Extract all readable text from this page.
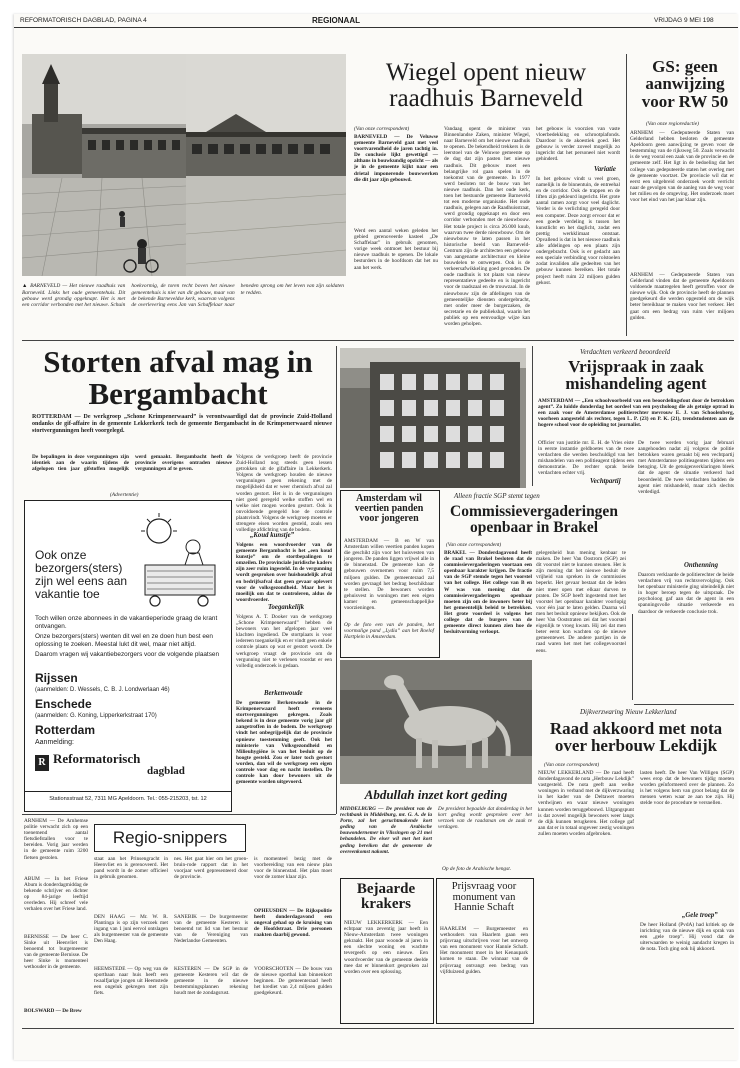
REFORMATORISCH DAGBLAD, PAGINA 4	REGIONAAL	VRIJDAG 9 MEI 198

▲ BARNEVELD — Het nieuwe raadhuis van Barneveld. Links het oude gemeentehuis. Dit gebouw werd grondig opgeknapt. Het is met een corridor verbonden met het nieuwe. Schuin hoekvormig, de toren recht boven het nieuwe gemeentehuis is niet van dit gebouw, maar van de bekende Barneveldse kerk, waarvan volgens de overlevering eens Jan van Schaffelaar naar beneden sprong om het leven van zijn soldaten te redden.

Wiegel opent nieuw raadhuis Barneveld
(Van onze correspondent)

BARNEVELD — De Veluwse gemeente Barneveld gaat met veel voortvarendheid de jaren tachtig in. De conclusie lijkt gewettigd — althans in bouwkundig opzicht — als je in de gemeente kijkt naar een drietal imponerende bouwwerken die dit jaar zijn gebouwd.

Werd een aantal weken geleden het gebied gerenoveerde kasteel „De Schaffelaar” in gebruik genomen, vorige week ontmoet het bestuur bij nieuwe raadhuis te openen. De lokale besturders in de hoofdsom dat het nu aan het werk.

Vandaag opent de minister van Binnenlandse Zaken, minister Wiegel, naar Barneveld om het nieuwe raadhuis te openen. De bekendheid trekkers is de leerstoel van de Veluwse gemeente op de dag dat zijn pasten het nieuwe raadhuis. Dit gebouw moet een belangrijke rol gaan spelen in de toekomst van de gemeente. In 1977 werd besloten tot de bouw van het nieuwe raadhuis. Dan het oude kerk, toen het bestuurde gemeente Barneveld tot een moderne organisatie. Het oude raadhuis, gelegen aan de Raadhuisstraat, werd grondig opgeknapt en door een corridor verbonden met de nieuwbouw. Het totale project is circa 26.000 kuub, waarvan twee derde nieuwbouw. Om de nieuwbouw te laten passen in het historische beeld van Barneveld-Centrum zijn de architecten een gebouw van aangename architectuur en kleine bouwdelen te ontwerpen. Ook is de verkeersafwikkeling goed gevonden. De oude raadhuis is tot plaats van nieuw representatieve gedeelte en is ingericht voor de raadszaal en de trouwzaal. In de nieuwbouw zijn de afdelingen van de gemeentelijke diensten ondergebracht, met onder meer de burgerzaken, de secretarie en de publiekshal, waarin het publiek op een eenvoudige wijze kan worden geholpen.

het gebouw is voorzien van vaste vloerbedekking en schrootplafonds. Daardoor is de akoestiek goed. Het gebouw is verder zoveel mogelijk zo ingericht dat het personeel niet wordt gehinderd.

Variatie

In het gebouw vindt u veel groen, namelijk in de binnentuin, de entreehal en de corridor. Ook de trappen en de liften zijn gekleurd ingericht. Het grote aantal ramen zorgt voor veel daglicht. Verder is de verlichting geregeld door een computer. Deze zorgt ervoor dat er een goede verdeling is tussen het kunstlicht en het daglicht, zodat een prettig werkklimaat ontstaat. Opvallend is dat in het nieuwe raadhuis alle afdelingen op een plaats zijn ondergebracht. Ook is er gedacht aan een speciale verbinding voor rolstoelen zodat invaliden alle gedeelten van het gebouw kunnen bereiken. Het totale project heeft ruim 22 miljoen gulden gekost.

GS: geen aanwijzing voor RW 50
(Van onze regioredactie)

ARNHEM — Gedeputeerde Staten van Gelderland hebben besloten de gemeente Apeldoorn geen aanwijzing te geven voor de bestemming van de rijksweg 50. Zoals verwacht is de weg vooral een zaak van de provincie en de gemeente zelf. Het ligt in de bedoeling dat het college van gedeputeerde staten het overleg met de gemeente voortzet. De provincie wil dat er eerst een uitgebreid onderzoek wordt verricht naar de gevolgen van de aanleg van de weg voor het milieu en de omgeving. Het onderzoek moet voor het eind van het jaar klaar zijn.

ARNHEM — Gedeputeerde Staten van Gelderland vinden dat de gemeente Apeldoorn voldoende maatregelen heeft getroffen voor de nieuwe wijk. Ook de provincie heeft de plannen goedgekeurd die werden opgesteld om de wijk beter bereikbaar te maken voor het verkeer. Het gaat om een bedrag van ruim vier miljoen gulden.

Storten afval mag in Bergambacht

ROTTERDAM — De werkgroep „Schone Krimpenerwaard” is verontwaardigd dat de provincie Zuid-Holland ondanks de gif-affaire in de gemeente Lekkerkerk toch de gemeente Bergambacht in de Krimpenerwaard nieuwe stortvergunningen heeft voorgelegd.

De bepalingen in deze vergunningen zijn identiek aan de waarin tijdens de afgelopen tien jaar gifstoffen mogelijk werd gemaakt. Bergambacht heeft de provincie overigens ontraden nieuwe vergunningen af te geven.

Volgens de werkgroep heeft de provincie Zuid-Holland nog steeds geen lessen getrokken uit de gifaffaire in Lekkerkerk. Volgens de werkgroep houden de nieuwe vergunningen geen rekening met de mogelijkheid dat er weer chemisch afval zal worden gestort. Het is in de vergunningen niet goed geregeld welke stoffen wel en welke niet mogen worden gestort. Ook is onvoldoende geregeld hoe de controle plaatsvindt. Volgens de werkgroep moeten er strengere eisen worden gesteld, zoals een volledige afdichting van de bodem.

„Koud kunstje”

Volgens een woordvoerder van de gemeente Bergambacht is het „een koud kunstje” om de stortbepalingen te omzeilen. De provinciale juridische kaders zijn zeer ruim ingesteld. In de vergunning wordt gesproken over huishoudelijk afval en bedrijfsafval dat geen gevaar oplevert voor de volksgezondheid. Maar het is moeilijk om dat te controleren, aldus de woordvoerder.

Toegankelijk

Volgens A. T. Dooker van de werkgroep „Schone Krimpenerwaard” hebben de bewoners van het afgelopen jaar veel klachten ingediend. De stortplaats is voor iedereen toegankelijk en er vindt geen enkele controle plaats op wat er gestort wordt. De werkgroep vraagt de provincie om de vergunning niet te verlenen voordat er een volledig onderzoek is gedaan.

Berkenwoude

De gemeente Berkenwoude in de Krimpenerwaard heeft eveneens stortvergunningen gekregen. Zoals bekend is in deze gemeente vorig jaar gif aangetroffen in de bodem. De werkgroep vindt het onbegrijpelijk dat de provincie opnieuw toestemming geeft. Ook het ministerie van Volksgezondheid en Milieuhygiëne is van het besluit op de hoogte gesteld. Zou er later toch gestort worden, dan wil de werkgroep een eigen controle voor dag en nacht instellen. De controle kan door bewoners uit de gemeente worden uitgevoerd.

(Advertentie)
Ook onze
bezorgers(sters)
zijn wel eens aan
vakantie toe

Toch willen onze abonnees in de vakantieperiode graag de krant ontvangen.

Onze bezorgers(sters) wenten dit wel en ze doen hun best een oplossing te zoeken. Meestal lukt dit wel, maar niet altijd.

Daarom vragen wij vakantiebezorgers voor de volgende plaatsen

Rijssen
(aanmelden: D. Wessels, C. B. J. Londwerlaan 46)
Enschede
(aanmelden: G. Koning, Lipperkerkstraat 170)
Rotterdam
Aanmelding:
R Reformatorisch
dagblad
Stationsstraat 52, 7311 MG Apeldoorn. Tel.: 055-215203, tst. 12
Amsterdam wil veertien panden voor jongeren

AMSTERDAM — B en W van Amsterdam willen veertien panden kopen die geschikt zijn voor het huisvesten van jongeren. De panden liggen vrijwel alle in de binnenstad. De gemeente kan de gebouwen overnemen voor ruim 7,5 miljoen gulden. De gemeenteraad zal worden gevraagd het bedrag beschikbaar te stellen. De bewoners worden gehuisvest in woningen met een eigen kamer en gemeenschappelijke voorzieningen.

Op de foto een van de panden, het voormalige pand „Lydia” aan het Roelof Hartplein in Amsterdam.

Alleen fractie SGP stemt tegen
Commissievergaderingen openbaar in Brakel
(Van onze correspondent)

BRAKEL — Donderdagavond heeft de raad van Brakel besloten dat de commissievergaderingen voortaan een openbaar karakter krijgen. De fractie van de SGP stemde tegen het voorstel van het college. Het college van B en W was van mening dat de commissievergaderingen openbaar moeten zijn om de inwoners beter bij het gemeentelijk beleid te betrekken. Het grote voordeel is volgens het college dat de burgers van de gemeente direct kunnen zien hoe de besluitvorming verloopt.

gelegenheid hun mening kenbaar te maken. De heer Van Oostrom (SGP) zei dit voorstel niet te kunnen steunen. Het is zijn mening dat het nieuwe besluit de vrijheid van spreken in de commissies beperkt. Het gevaar bestaat dat de leden niet meer open met elkaar durven te praten. De SGP heeft ingestemd met het voorstel het openbaar karakter voorlopig voor één jaar te laten gelden. Daarna wil men het besluit opnieuw bekijken. Ook de heer Van Ooststraten zei dat het voorstel eigenlijk te vroeg kwam. Hij zei dat men beter eerst kon wachten op de nieuwe gemeentewet. De andere partijen in de raad waren het met het collegevoorstel eens.

Abdullah inzet kort geding

MIDDELBURG — De president van de rechtbank in Middelburg, mr. G. A. de la Porte, zal het geruchtmakende kort geding van de Arabische bouwondernemer in Vlissingen op 21 mei behandelen. De eiser wil met het kort geding bereiken dat de gemeente de overeenkomst nakomt.

De president bepaalde dat donderdag in het kort geding wordt gesproken over het verzoek van de raadsman om de zaak te verdagen.

Op de foto de Arabische hengst.
Verdachten verkeerd beoordeeld
Vrijspraak in zaak mishandeling agent

AMSTERDAM — „Een schoolvoorbeeld van een beoordelingsfout door de betrokken agent”. Zo luidde donderdag het oordeel van een psycholoog die als getuige optrad in een zaak voor de Amsterdamse politierechter mevrouw E. J. van Schoolenberg, voorheen aangesteld als rechter, tegen L. P. (23) en P. K. (21), trendstudenten aan de hogere school voor de opleiding tot journalist.

Officier van justitie mr. E. H. de Vries eiste in eerste instantie geldboetes van de twee verdachten die werden beschuldigd van het mishandelen van een politieagent tijdens een demonstratie. De rechter sprak beide verdachten echter vrij.

Vechtpartij

De twee werden vorig jaar februari aangehouden nadat zij volgens de politie betrokken waren geraakt bij een vechtpartij met Amsterdamse politieagenten tijdens een betoging. Uit de getuigenverklaringen bleek dat de agent de situatie verkeerd had beoordeeld. De twee verdachten hadden de agent niet mishandeld, maar zich slechts verdedigd.

Onthenning

Daarom verklaarde de politierechter de beide verdachten vrij van rechtsvervolging. Ook het openbaar ministerie ging uiteindelijk niet in hoger beroep tegen de uitspraak. De psycholoog gaf aan dat de agent in een spanningsvolle situatie verkeerde en daardoor de verkeerde conclusie trok.

Dijkverzwaring Nieuw Lekkerland
Raad akkoord met nota over herbouw Lekdijk
(Van onze correspondent)

NIEUW LEKKERLAND — De raad heeft donderdagavond de nota „Herbouw Lekdijk” vastgesteld. De nota geeft aan welke woningen in verband met de dijkverzwaring in het kader van de Deltawet moeten verdwijnen en waar nieuwe woningen kunnen worden teruggebouwd. Uitgangspunt is dat zoveel mogelijk bewoners weer langs de dijk kunnen terugkeren. Het college gaf aan dat er in totaal ongeveer zestig woningen zullen moeten worden afgebroken.

lasten heeft. De heer Van Willigen (SGP) wees erop dat de bewoners tijdig moeten worden geïnformeerd over de plannen. Zo is het volgens hem van groot belang dat de mensen weten waar ze aan toe zijn. Hij stelde voor de procedure te versnellen.

„Gele troep”

De heer Holland (PvdA) had kritiek op de inrichting van de nieuwe dijk en sprak van een „gele troep”. Hij vond dat de uiterwaarden te weinig aandacht kregen in de nota. Toch ging ook hij akkoord.

Regio-snippers

ARNHEM — De Arnhemse politie verwacht zich op een toenemend aantal fietsdiefstallen voor te bereiden. Vorig jaar werden in de gemeente ruim 3200 fietsen gestolen.

ABUM — In het Friese Abum is donderdagmiddag de bekende schrijver en dichter op 84-jarige leeftijd overleden. Hij schreef vele verhalen over het Friese land.

BERNISSE — De heer C. Sinke uit Heenvliet is benoemd tot burgemeester van de gemeente Bernisse. De heer Sinke is momenteel wethouder in de gemeente.

BOLSWARD — De Brew

staat aan het Prinsengracht in Heenvliet en is gerenoveerd. Het pand wordt in de zomer officieel in gebruik genomen.

DEN HAAG — Mr. W. R. Plantinga is op zijn verzoek met ingang van 1 juni eervol ontslagen als burgemeester van de gemeente Den Haag.

HEEMSTEDE — Op weg van de sportbaan naar huis heeft een twaalfjarige jongen uit Heemstede een ongeluk gekregen met zijn fiets.

nes. Het gaat hier om het groen-bruin-rode rapport dat in het voorjaar werd gepresenteerd door de provincie.

SANEBIK — De burgemeester van de gemeente Kesteren is benoemd tot lid van het bestuur van de Vereniging van Nederlandse Gemeenten.

KESTEREN — De SGP in de gemeente Kesteren wil dat de gemeente in de nieuwe bestemmingsplannen rekening houdt met de zondagsrust.

is momenteel bezig met de voorbereiding van een nieuw plan voor de binnenstad. Het plan moet voor de zomer klaar zijn.

OPHEUSDEN — De Rijkspolitie heeft donderdagavond een ongeval gehad op de kruising van de Hoofdstraat. Drie personen raakten daarbij gewond.

VOORSCHOTEN — De bouw van de nieuwe sporthal kan binnenkort beginnen. De gemeenteraad heeft het krediet van 2,4 miljoen gulden goedgekeurd.

Bejaarde krakers

NIEUW LEKKERKERK — Een echtpaar van zeventig jaar heeft in Nieuw-Amsterdam twee woningen gekraakt. Het paar woonde al jaren in een slechte woning en wachtte tevergeefs op een nieuwe. Een woordvoerder van de gemeente deelde mee dat er binnenkort gesproken zal worden over een oplossing.

Prijsvraag voor monument van Hannie Schaft

HAARLEM — Burgemeester en wethouders van Haarlem gaan een prijsvraag uitschrijven voor het ontwerp van een monument voor Hannie Schaft. Het monument moet in het Kenaupark komen te staan. De winnaar van de prijsvraag ontvangt een bedrag van vijfduizend gulden.
